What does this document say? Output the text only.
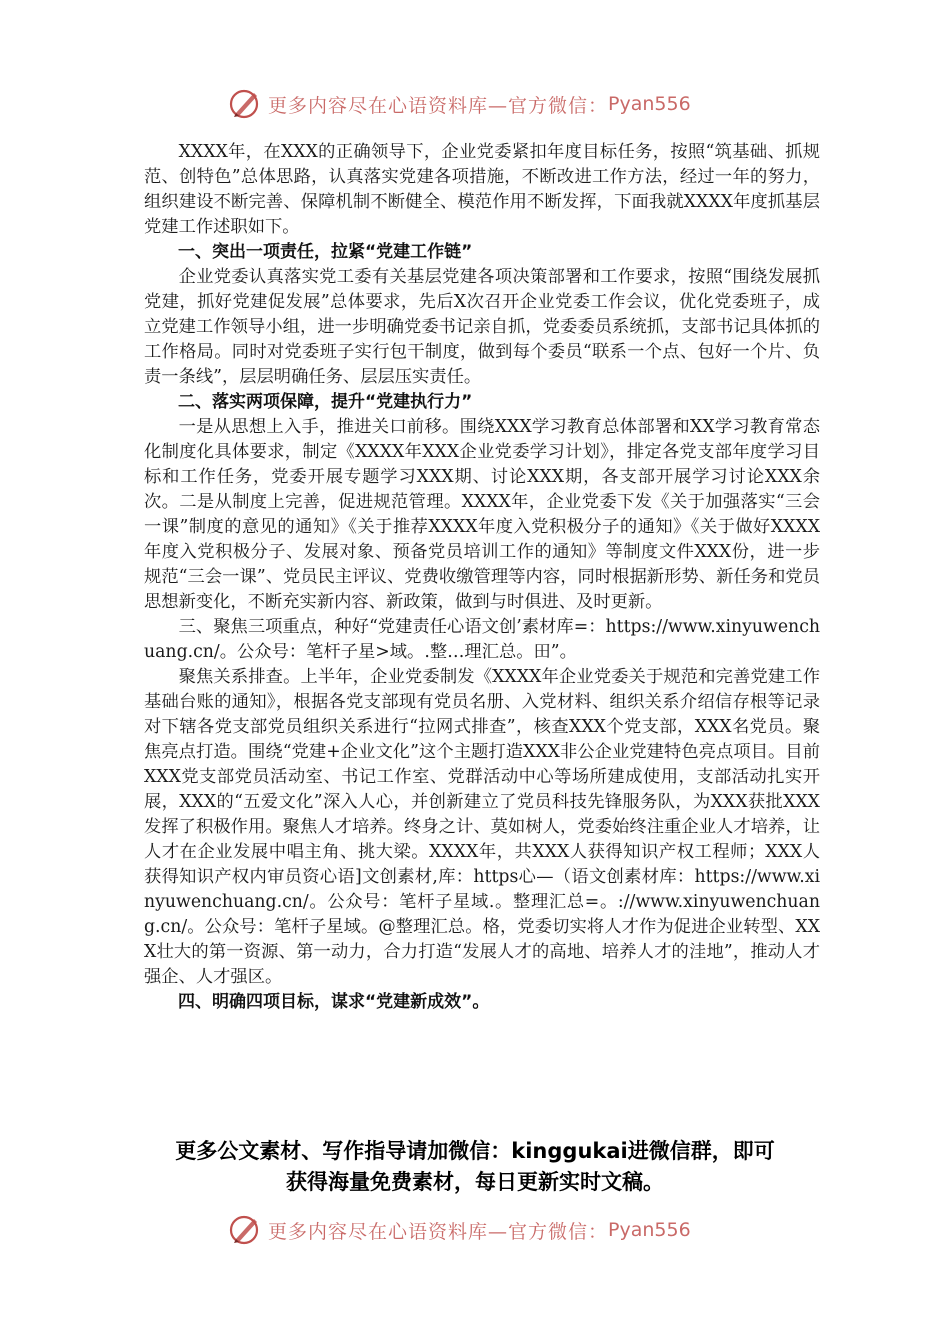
更多内容尽在心语资料库—官方微信： Pyan556

XXXX年，在XXX的正确领导下，企业党委紧扣年度目标任务，按照“筑基础、抓规范、创特色”总体思路，认真落实党建各项措施，不断改进工作方法，经过一年的努力，组织建设不断完善、保障机制不断健全、模范作用不断发挥，下面我就XXXX年度抓基层党建工作述职如下。

一、突出一项责任，拉紧“党建工作链”

企业党委认真落实党工委有关基层党建各项决策部署和工作要求，按照“围绕发展抓党建，抓好党建促发展”总体要求，先后X次召开企业党委工作会议，优化党委班子，成立党建工作领导小组，进一步明确党委书记亲自抓，党委委员系统抓，支部书记具体抓的工作格局。同时对党委班子实行包干制度，做到每个委员“联系一个点、包好一个片、负责一条线”，层层明确任务、层层压实责任。

二、落实两项保障，提升“党建执行力”

一是从思想上入手，推进关口前移。围绕XXX学习教育总体部署和XX学习教育常态化制度化具体要求，制定《XXXX年XXX企业党委学习计划》，排定各党支部年度学习目标和工作任务，党委开展专题学习XXX期、讨论XXX期，各支部开展学习讨论XXX余次。二是从制度上完善，促进规范管理。XXXX年，企业党委下发《关于加强落实“三会一课”制度的意见的通知》《关于推荐XXXX年度入党积极分子的通知》《关于做好XXXX年度入党积极分子、发展对象、预备党员培训工作的通知》等制度文件XXX份，进一步规范“三会一课”、党员民主评议、党费收缴管理等内容，同时根据新形势、新任务和党员思想新变化，不断充实新内容、新政策，做到与时俱进、及时更新。

三、聚焦三项重点，种好“党建责任心语文创’素材库=：https://www.xinyuwenchuang.cn/。公众号：笔杆子星>域。.整…理汇总。田”。

聚焦关系排查。上半年，企业党委制发《XXXX年企业党委关于规范和完善党建工作基础台账的通知》，根据各党支部现有党员名册、入党材料、组织关系介绍信存根等记录对下辖各党支部党员组织关系进行“拉网式排查”，核查XXX个党支部，XXX名党员。聚焦亮点打造。围绕“党建+企业文化”这个主题打造XXX非公企业党建特色亮点项目。目前XXX党支部党员活动室、书记工作室、党群活动中心等场所建成使用，支部活动扎实开展，XXX的“五爱文化”深入人心，并创新建立了党员科技先锋服务队，为XXX获批XXX发挥了积极作用。聚焦人才培养。终身之计、莫如树人，党委始终注重企业人才培养，让人才在企业发展中唱主角、挑大梁。XXXX年，共XXX人获得知识产权工程师；XXX人获得知识产权内审员资心语]文创素材,库：https心—（语文创素材库：https://www.xinyuwenchuang.cn/。公众号：笔杆子星域.。整理汇总=。://www.xinyuwenchuang.cn/。公众号：笔杆子星域。@整理汇总。格，党委切实将人才作为促进企业转型、XXX壮大的第一资源、第一动力，合力打造“发展人才的高地、培养人才的洼地”，推动人才强企、人才强区。

四、明确四项目标，谋求“党建新成效”。

更多公文素材、写作指导请加微信：kinggukai进微信群，即可
获得海量免费素材，每日更新实时文稿。
更多内容尽在心语资料库—官方微信： Pyan556
